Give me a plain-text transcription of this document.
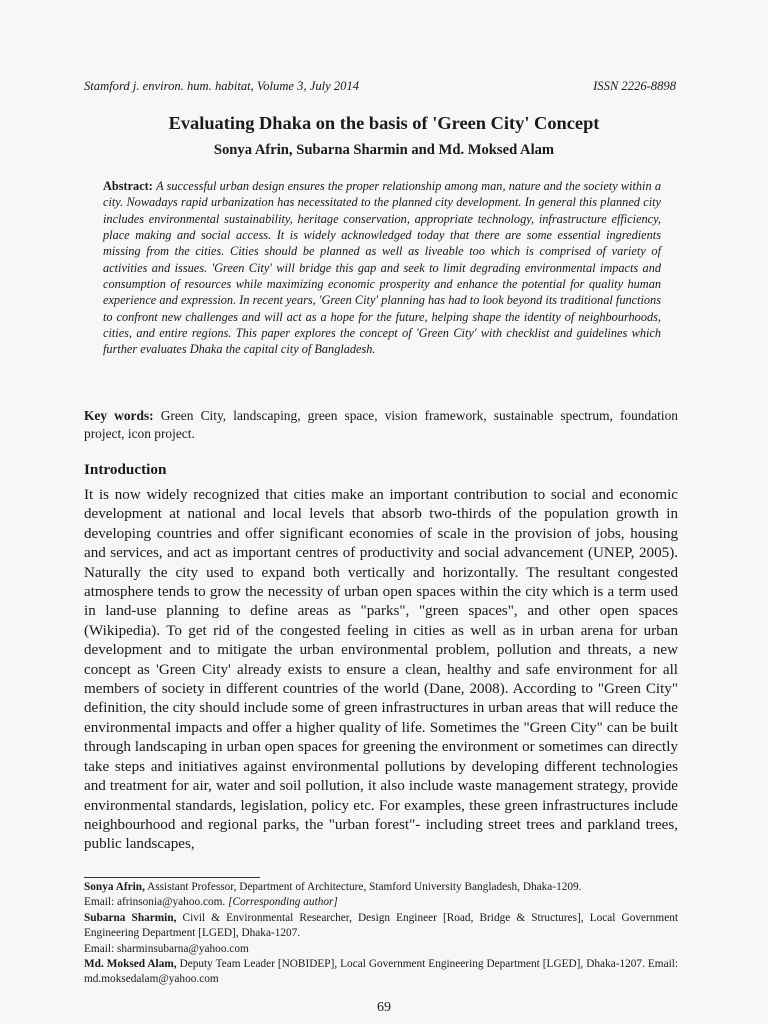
Stamford j. environ. hum. habitat, Volume 3, July 2014	ISSN 2226-8898
Evaluating Dhaka on the basis of 'Green City' Concept
Sonya Afrin, Subarna Sharmin and Md. Moksed Alam
Abstract: A successful urban design ensures the proper relationship among man, nature and the society within a city. Nowadays rapid urbanization has necessitated to the planned city development. In general this planned city includes environmental sustainability, heritage conservation, appropriate technology, infrastructure efficiency, place making and social access. It is widely acknowledged today that there are some essential ingredients missing from the cities. Cities should be planned as well as liveable too which is comprised of variety of activities and issues. 'Green City' will bridge this gap and seek to limit degrading environmental impacts and consumption of resources while maximizing economic prosperity and enhance the potential for quality human experience and expression. In recent years, 'Green City' planning has had to look beyond its traditional functions to confront new challenges and will act as a hope for the future, helping shape the identity of neighbourhoods, cities, and entire regions. This paper explores the concept of 'Green City' with checklist and guidelines which further evaluates Dhaka the capital city of Bangladesh.
Key words: Green City, landscaping, green space, vision framework, sustainable spectrum, foundation project, icon project.
Introduction
It is now widely recognized that cities make an important contribution to social and economic development at national and local levels that absorb two-thirds of the population growth in developing countries and offer significant economies of scale in the provision of jobs, housing and services, and act as important centres of productivity and social advancement (UNEP, 2005). Naturally the city used to expand both vertically and horizontally. The resultant congested atmosphere tends to grow the necessity of urban open spaces within the city which is a term used in land-use planning to define areas as "parks", "green spaces", and other open spaces (Wikipedia). To get rid of the congested feeling in cities as well as in urban arena for urban development and to mitigate the urban environmental problem, pollution and threats, a new concept as 'Green City' already exists to ensure a clean, healthy and safe environment for all members of society in different countries of the world (Dane, 2008). According to "Green City" definition, the city should include some of green infrastructures in urban areas that will reduce the environmental impacts and offer a higher quality of life. Sometimes the "Green City" can be built through landscaping in urban open spaces for greening the environment or sometimes can directly take steps and initiatives against environmental pollutions by developing different technologies and treatment for air, water and soil pollution, it also include waste management strategy, provide environmental standards, legislation, policy etc. For examples, these green infrastructures include neighbourhood and regional parks, the "urban forest"- including street trees and parkland trees, public landscapes,

Sonya Afrin, Assistant Professor, Department of Architecture, Stamford University Bangladesh, Dhaka-1209.

Email: afrinsonia@yahoo.com. [Corresponding author]

Subarna Sharmin, Civil & Environmental Researcher, Design Engineer [Road, Bridge & Structures], Local Government Engineering Department [LGED], Dhaka-1207.

Email: sharminsubarna@yahoo.com

Md. Moksed Alam, Deputy Team Leader [NOBIDEP], Local Government Engineering Department [LGED], Dhaka-1207. Email: md.moksedalam@yahoo.com

69
